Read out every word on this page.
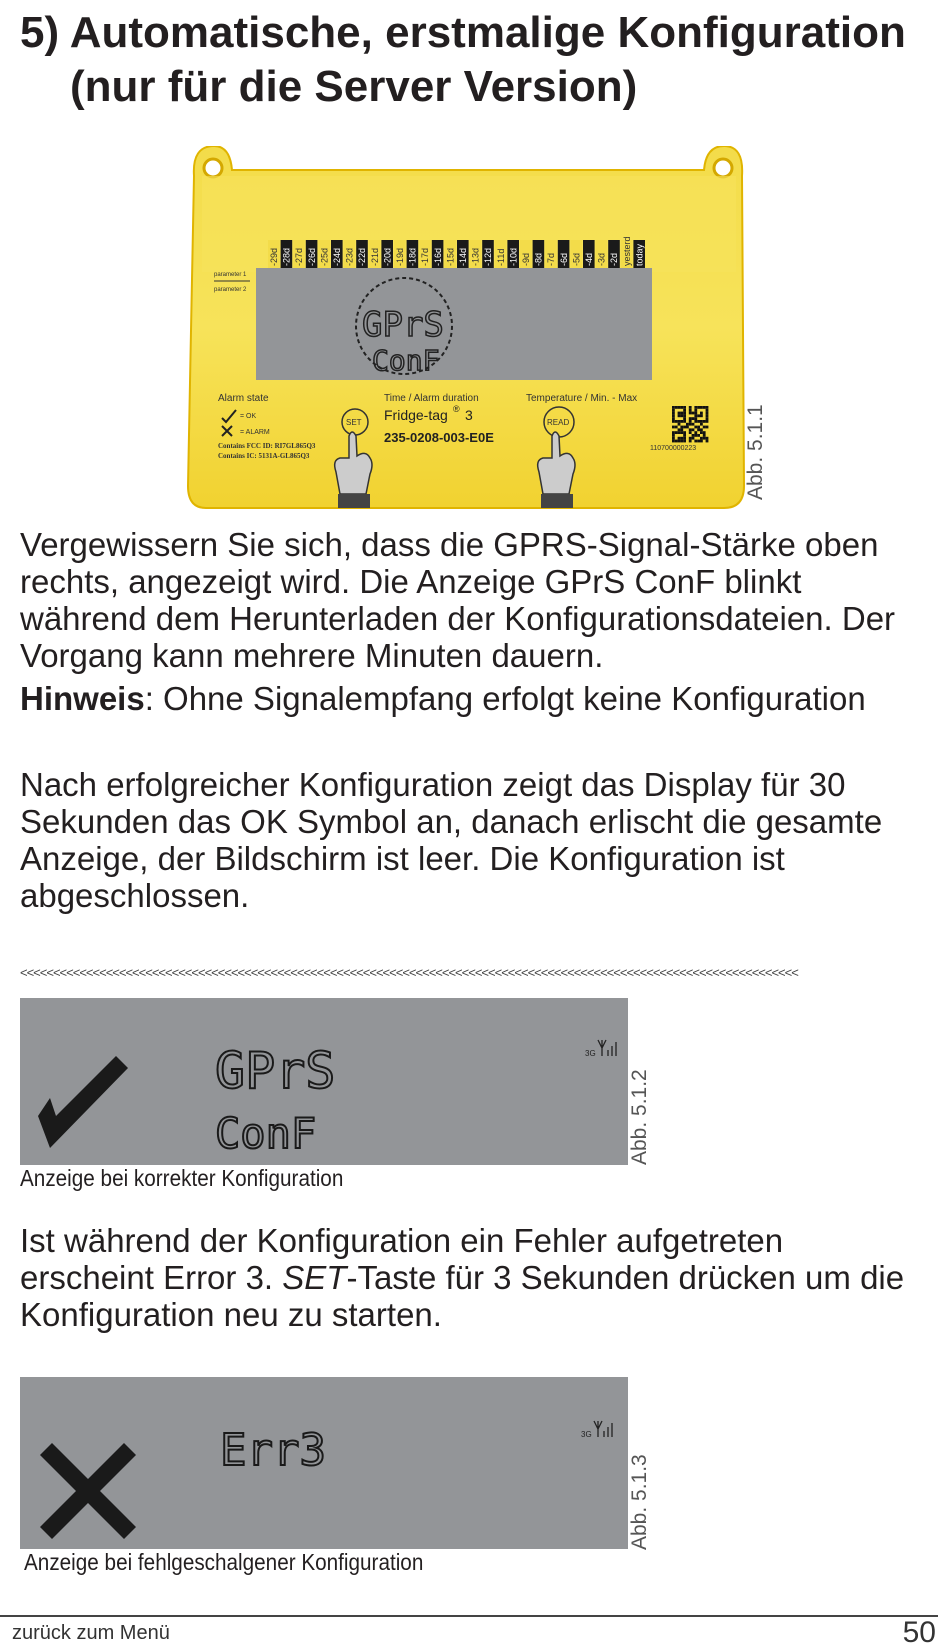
5) Automatische, erstmalige Konfiguration
(nur für die Server Version)
-29d -28d -27d -26d -25d -24d -23d -22d -21d -20d -19d -18d -17d -16d -15d -14d -13d -12d -11d -10d -9d -8d -7d -6d -5d -4d -3d -2d yesterd today
parameter 1
parameter 2
GPrS
ConF
Alarm state
= OK
= ALARM
Contains FCC ID: RI7GL865Q3
Contains IC: 5131A-GL865Q3
SET
Time / Alarm duration
Fridge-tag ® 3
235-0208-003-E0E
Temperature / Min. - Max
READ
110700000223 Abb. 5.1.1

Vergewissern Sie sich, dass die GPRS-Signal-Stärke oben rechts, angezeigt wird. Die Anzeige GPrS ConF blinkt während dem Herunterladen der Konfigurationsdateien. Der Vorgang kann mehrere Minuten dauern.

Hinweis: Ohne Signalempfang erfolgt keine Konfiguration

Nach erfolgreicher Konfiguration zeigt das Display für 30 Sekunden das OK Symbol an, danach erlischt die gesamte Anzeige, der Bildschirm ist leer. Die Konfiguration ist abgeschlossen.

<<<<<<<<<<<<<<<<<<<<<<<<<<<<<<<<<<<<<<<<<<<<<<<<<<<<<<<<<<<<<<<<<<<<<<<<<<<<<<<<<<<<<<<<<<<<<<<<<<<<<<<<<<<<<<<<<<<<<<
GPrS
ConF
3G
Abb. 5.1.2
Anzeige bei korrekter Konfiguration

Ist während der Konfiguration ein Fehler aufgetreten erscheint Error 3. SET-Taste für 3 Sekunden drücken um die Konfiguration neu zu starten.

Err3	3G
Abb. 5.1.3
Anzeige bei fehlgeschalgener Konfiguration
zurück zum Menü	50
